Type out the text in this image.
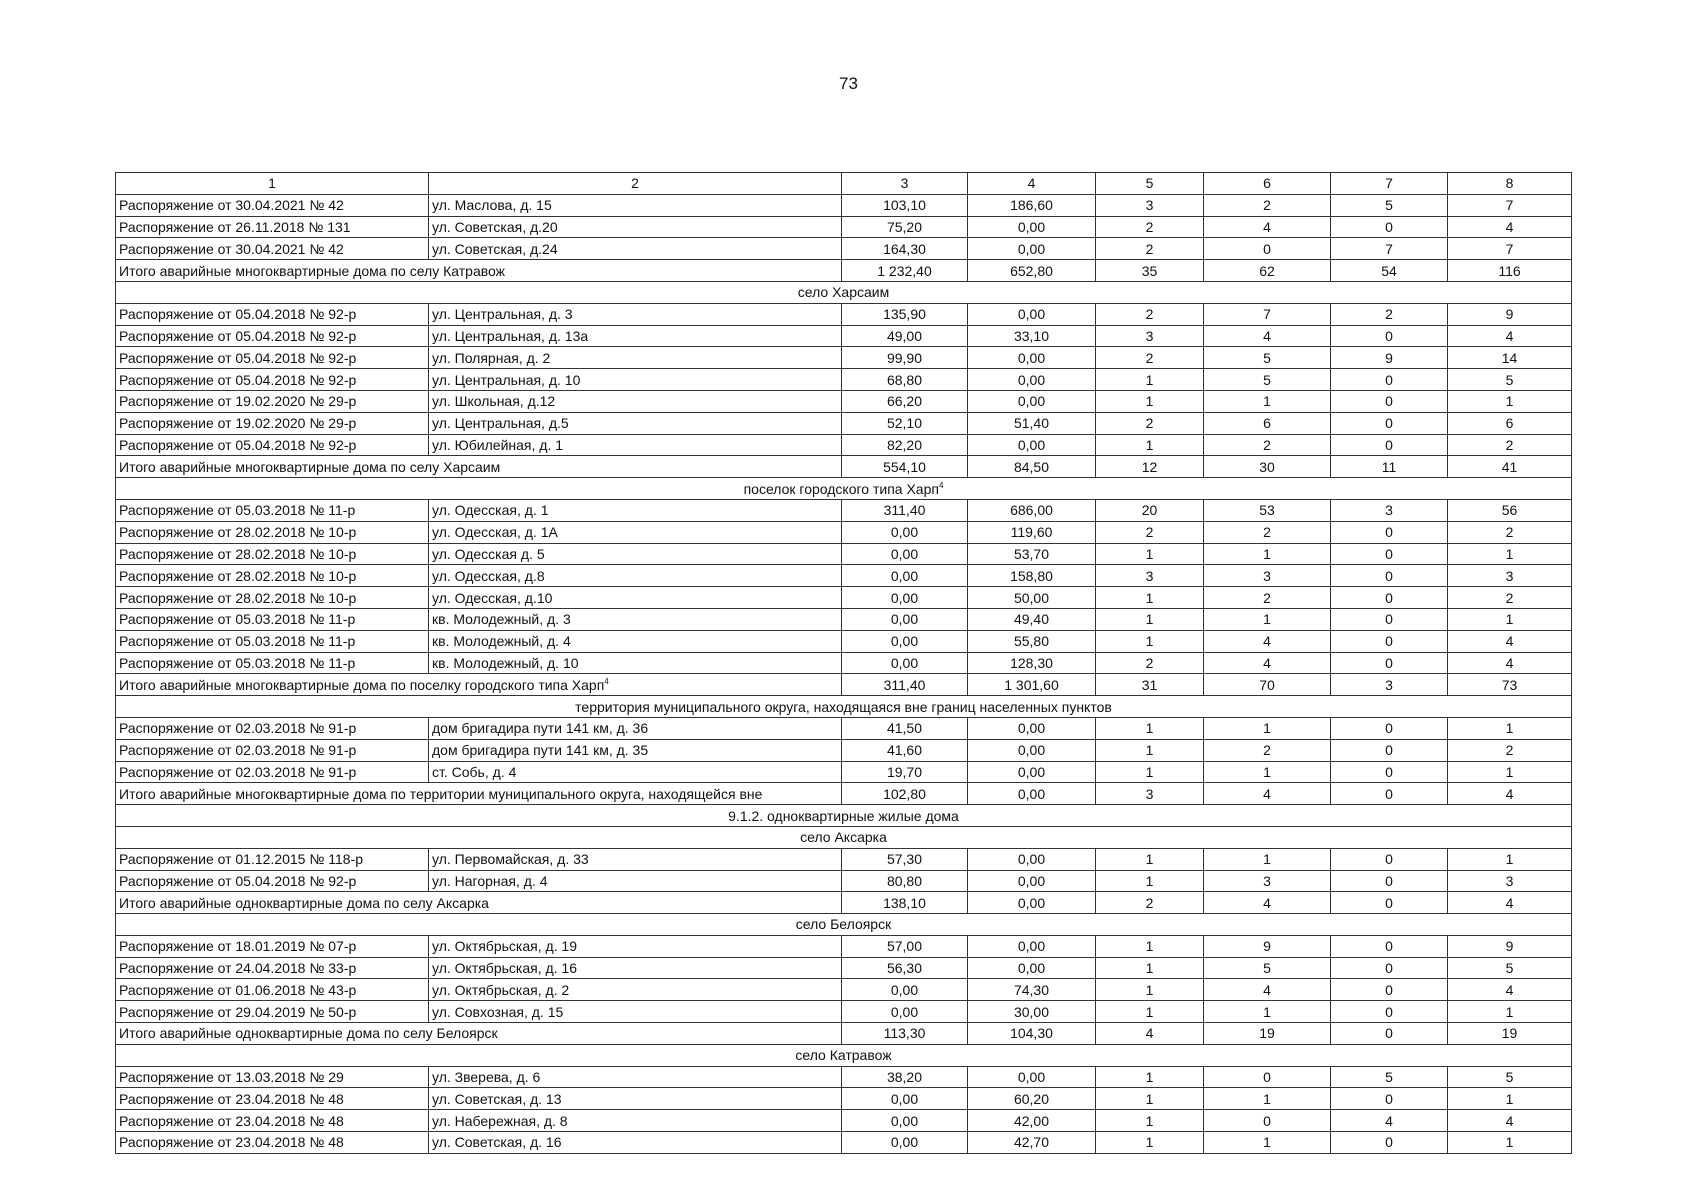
73
1	2	3	4	5	6	7	8
Распоряжение от 30.04.2021 № 42	ул. Маслова, д. 15	103,10	186,60	3	2	5	7
Распоряжение от 26.11.2018 № 131	ул. Советская, д.20	75,20	0,00	2	4	0	4
Распоряжение от 30.04.2021 № 42	ул. Советская, д.24	164,30	0,00	2	0	7	7
Итого аварийные многоквартирные дома по селу Катравож		1 232,40	652,80	35	62	54	116
село Харсаим							
Распоряжение от 05.04.2018 № 92-р	ул. Центральная, д. 3	135,90	0,00	2	7	2	9
Распоряжение от 05.04.2018 № 92-р	ул. Центральная, д. 13а	49,00	33,10	3	4	0	4
Распоряжение от 05.04.2018 № 92-р	ул. Полярная, д. 2	99,90	0,00	2	5	9	14
Распоряжение от 05.04.2018 № 92-р	ул. Центральная, д. 10	68,80	0,00	1	5	0	5
Распоряжение от 19.02.2020 № 29-р	ул. Школьная, д.12	66,20	0,00	1	1	0	1
Распоряжение от 19.02.2020 № 29-р	ул. Центральная, д.5	52,10	51,40	2	6	0	6
Распоряжение от 05.04.2018 № 92-р	ул. Юбилейная, д. 1	82,20	0,00	1	2	0	2
Итого аварийные многоквартирные дома по селу Харсаим		554,10	84,50	12	30	11	41
поселок городского типа Харп$^4$
Распоряжение от 05.03.2018 № 11-р	ул. Одесская, д. 1	311,40	686,00	20	53	3	56
Распоряжение от 28.02.2018 № 10-р	ул. Одесская, д. 1А	0,00	119,60	2	2	0	2
Распоряжение от 28.02.2018 № 10-р	ул. Одесская д. 5	0,00	53,70	1	1	0	1
Распоряжение от 28.02.2018 № 10-р	ул. Одесская, д.8	0,00	158,80	3	3	0	3
Распоряжение от 28.02.2018 № 10-р	ул. Одесская, д.10	0,00	50,00	1	2	0	2
Распоряжение от 05.03.2018 № 11-р	кв. Молодежный, д. 3	0,00	49,40	1	1	0	1
Распоряжение от 05.03.2018 № 11-р	кв. Молодежный, д. 4	0,00	55,80	1	4	0	4
Распоряжение от 05.03.2018 № 11-р	кв. Молодежный, д. 10	0,00	128,30	2	4	0	4
Итого аварийные многоквартирные дома по поселку городского типа Харп$^4$		311,40	1 301,60	31	70	3	73
территория муниципального округа, находящаяся вне границ населенных пунктов							
Распоряжение от 02.03.2018 № 91-р	дом бригадира пути 141 км, д. 36	41,50	0,00	1	1	0	1
Распоряжение от 02.03.2018 № 91-р	дом бригадира пути 141 км, д. 35	41,60	0,00	1	2	0	2
Распоряжение от 02.03.2018 № 91-р	ст. Собь, д. 4	19,70	0,00	1	1	0	1
Итого аварийные многоквартирные дома по территории муниципального округа, находящейся вне		102,80	0,00	3	4	0	4
9.1.2. одноквартирные жилые дома							
село Аксарка							
Распоряжение от 01.12.2015 № 118-р	ул. Первомайская, д. 33	57,30	0,00	1	1	0	1
Распоряжение от 05.04.2018 № 92-р	ул. Нагорная, д. 4	80,80	0,00	1	3	0	3
Итого аварийные одноквартирные дома по селу Аксарка		138,10	0,00	2	4	0	4
село Белоярск							
Распоряжение от 18.01.2019 № 07-р	ул. Октябрьская, д. 19	57,00	0,00	1	9	0	9
Распоряжение от 24.04.2018 № 33-р	ул. Октябрьская, д. 16	56,30	0,00	1	5	0	5
Распоряжение от 01.06.2018 № 43-р	ул. Октябрьская, д. 2	0,00	74,30	1	4	0	4
Распоряжение от 29.04.2019 № 50-р	ул. Совхозная, д. 15	0,00	30,00	1	1	0	1
Итого аварийные одноквартирные дома по селу Белоярск		113,30	104,30	4	19	0	19
село Катравож							
Распоряжение от 13.03.2018 № 29	ул. Зверева, д. 6	38,20	0,00	1	0	5	5
Распоряжение от 23.04.2018 № 48	ул. Советская, д. 13	0,00	60,20	1	1	0	1
Распоряжение от 23.04.2018 № 48	ул. Набережная, д. 8	0,00	42,00	1	0	4	4
Распоряжение от 23.04.2018 № 48	ул. Советская, д. 16	0,00	42,70	1	1	0	1
